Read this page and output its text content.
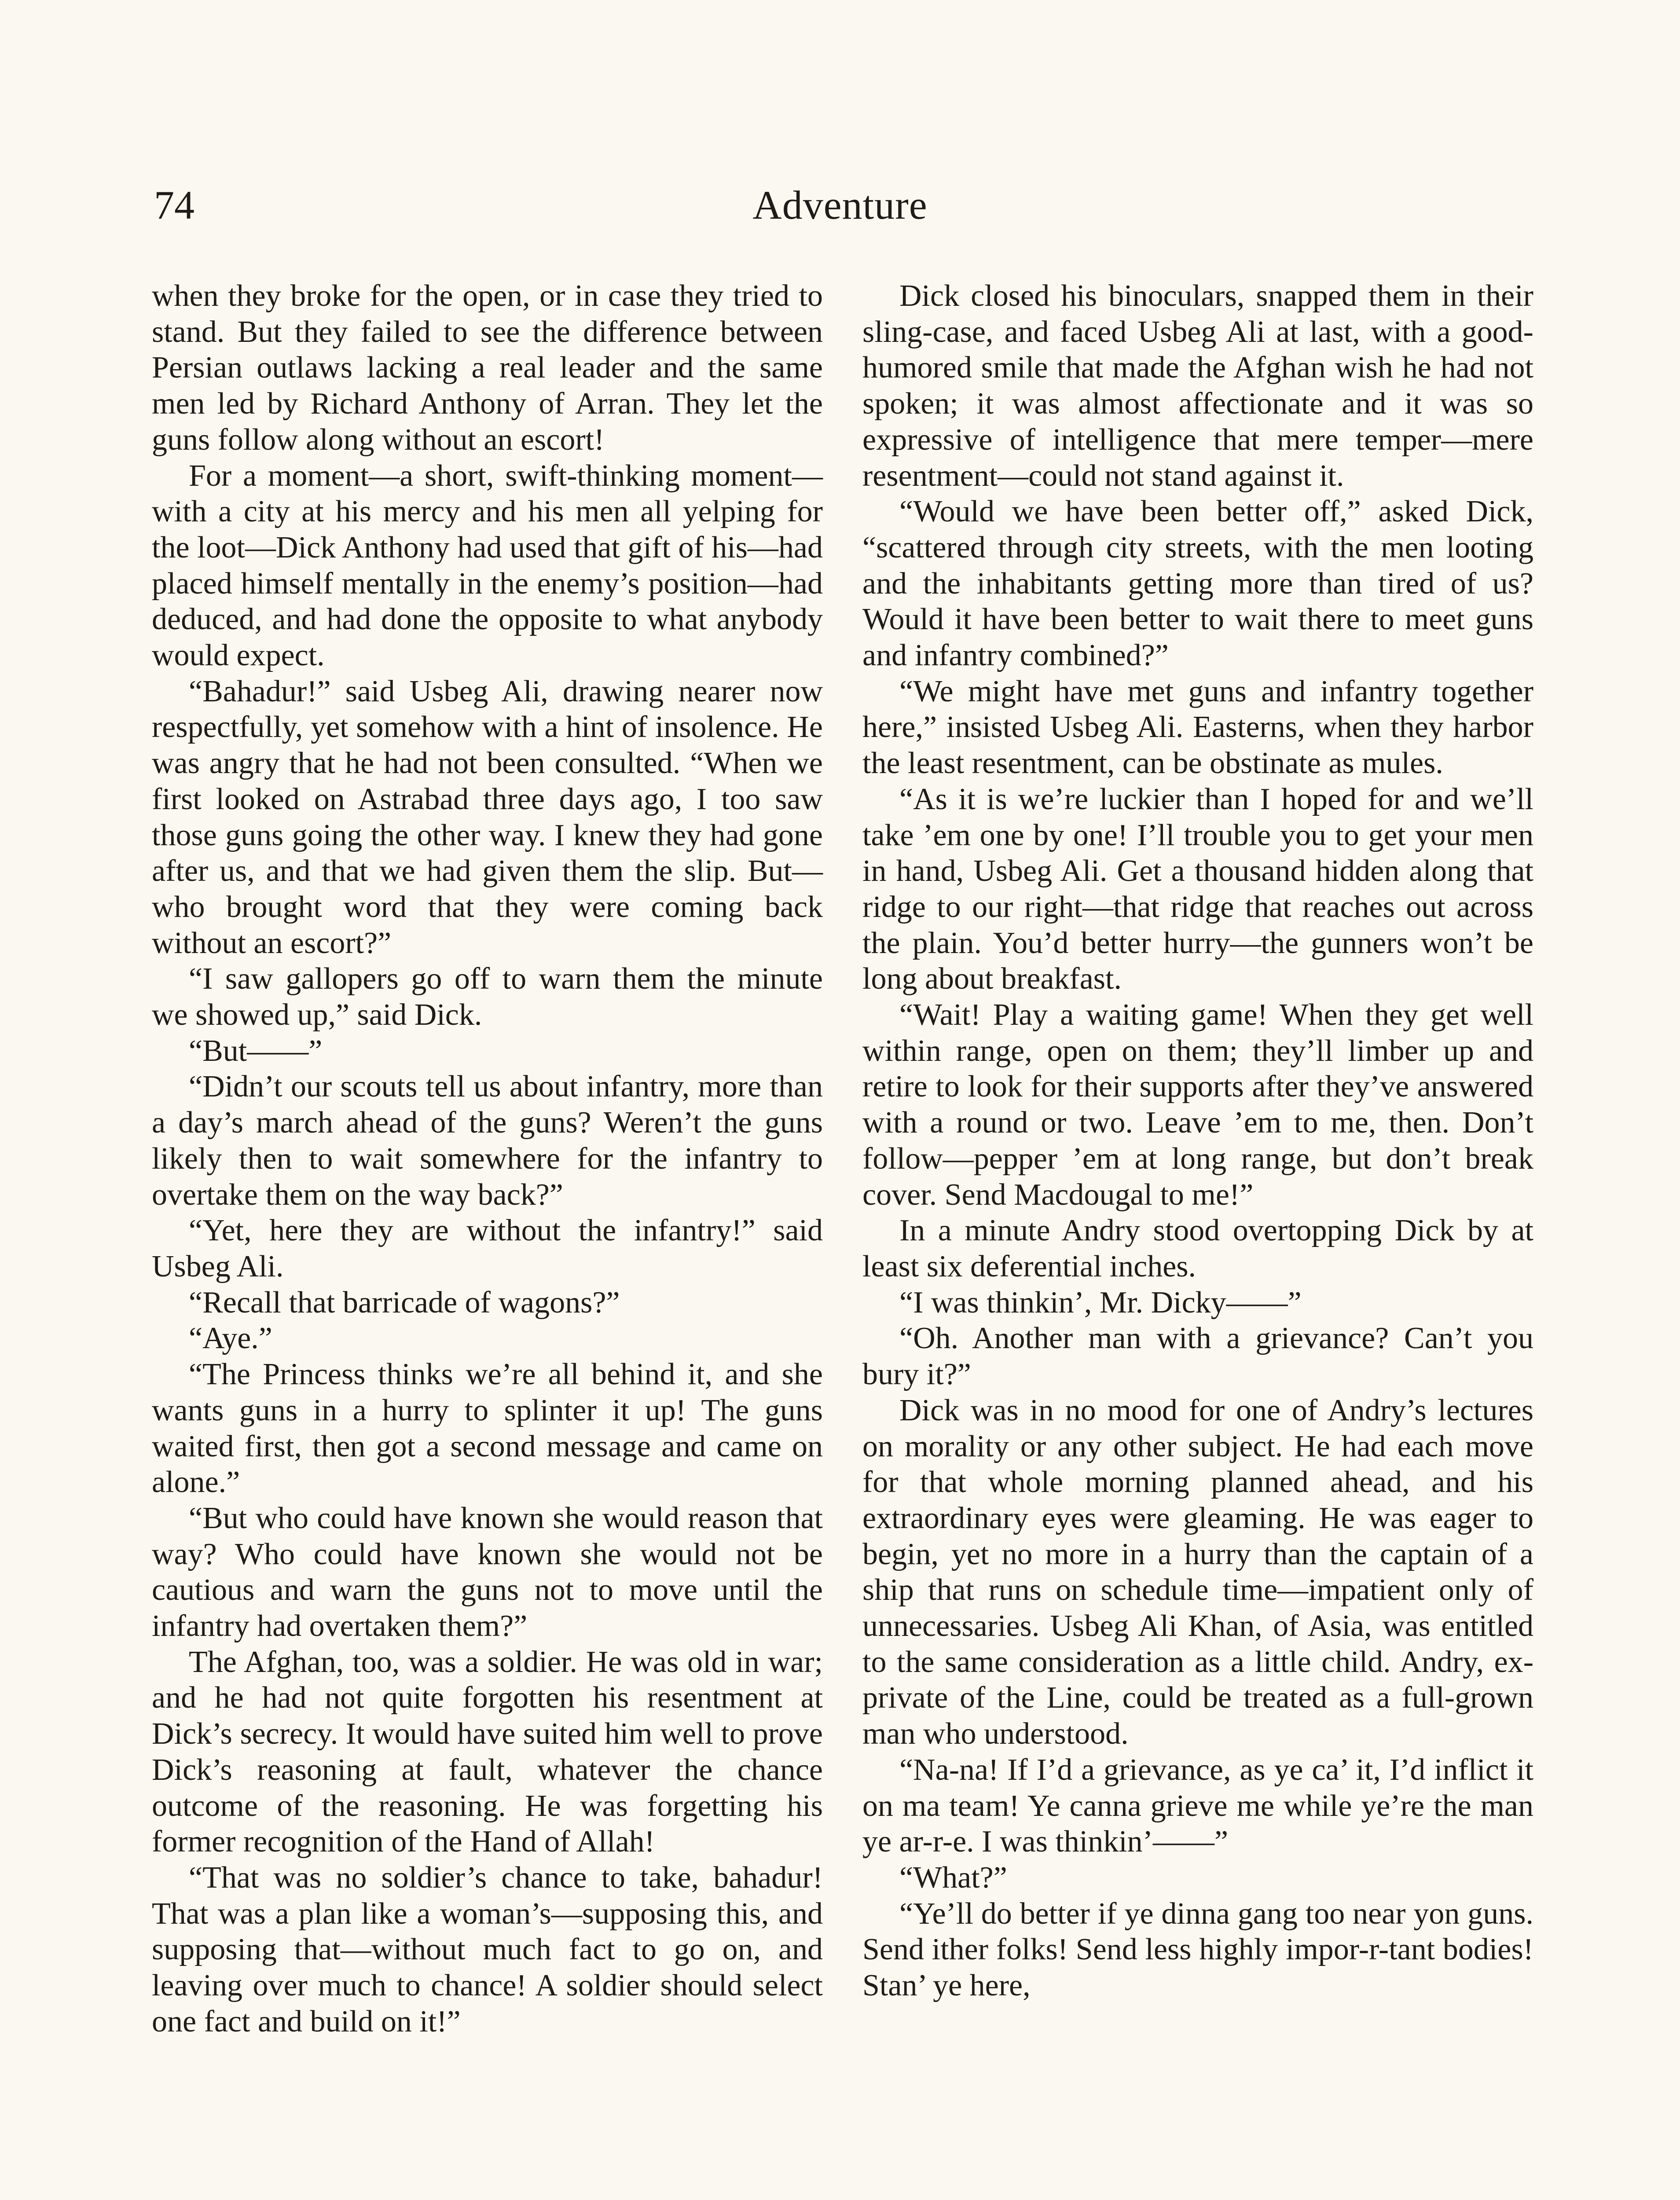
74	Adventure

when they broke for the open, or in case they tried to stand. But they failed to see the difference between Persian outlaws lacking a real leader and the same men led by Richard Anthony of Arran. They let the guns follow along without an escort!

For a moment—a short, swift-thinking moment—with a city at his mercy and his men all yelping for the loot—Dick Anthony had used that gift of his—had placed himself mentally in the enemy’s position—had deduced, and had done the opposite to what anybody would expect.

“Bahadur!” said Usbeg Ali, drawing nearer now respectfully, yet somehow with a hint of insolence. He was angry that he had not been consulted. “When we first looked on Astrabad three days ago, I too saw those guns going the other way. I knew they had gone after us, and that we had given them the slip. But—who brought word that they were coming back without an escort?”

“I saw gallopers go off to warn them the minute we showed up,” said Dick.

“But——”

“Didn’t our scouts tell us about infantry, more than a day’s march ahead of the guns? Weren’t the guns likely then to wait somewhere for the infantry to overtake them on the way back?”

“Yet, here they are without the infantry!” said Usbeg Ali.

“Recall that barricade of wagons?”

“Aye.”

“The Princess thinks we’re all behind it, and she wants guns in a hurry to splinter it up! The guns waited first, then got a second message and came on alone.”

“But who could have known she would reason that way? Who could have known she would not be cautious and warn the guns not to move until the infantry had overtaken them?”

The Afghan, too, was a soldier. He was old in war; and he had not quite forgotten his resentment at Dick’s secrecy. It would have suited him well to prove Dick’s reasoning at fault, whatever the chance outcome of the reasoning. He was forgetting his former recognition of the Hand of Allah!

“That was no soldier’s chance to take, bahadur! That was a plan like a woman’s—supposing this, and supposing that—without much fact to go on, and leaving over much to chance! A soldier should select one fact and build on it!”

Dick closed his binoculars, snapped them in their sling-case, and faced Usbeg Ali at last, with a good-humored smile that made the Afghan wish he had not spoken; it was almost affectionate and it was so expressive of intelligence that mere temper—mere resentment—could not stand against it.

“Would we have been better off,” asked Dick, “scattered through city streets, with the men looting and the inhabitants getting more than tired of us? Would it have been better to wait there to meet guns and infantry combined?”

“We might have met guns and infantry together here,” insisted Usbeg Ali. Easterns, when they harbor the least resentment, can be obstinate as mules.

“As it is we’re luckier than I hoped for and we’ll take ’em one by one! I’ll trouble you to get your men in hand, Usbeg Ali. Get a thousand hidden along that ridge to our right—that ridge that reaches out across the plain. You’d better hurry—the gunners won’t be long about breakfast.

“Wait! Play a waiting game! When they get well within range, open on them; they’ll limber up and retire to look for their supports after they’ve answered with a round or two. Leave ’em to me, then. Don’t follow—pepper ’em at long range, but don’t break cover. Send Macdougal to me!”

In a minute Andry stood overtopping Dick by at least six deferential inches.

“I was thinkin’, Mr. Dicky——”

“Oh. Another man with a grievance? Can’t you bury it?”

Dick was in no mood for one of Andry’s lectures on morality or any other subject. He had each move for that whole morning planned ahead, and his extraordinary eyes were gleaming. He was eager to begin, yet no more in a hurry than the captain of a ship that runs on schedule time—impatient only of unnecessaries. Usbeg Ali Khan, of Asia, was entitled to the same consideration as a little child. Andry, ex-private of the Line, could be treated as a full-grown man who understood.

“Na-na! If I’d a grievance, as ye ca’ it, I’d inflict it on ma team! Ye canna grieve me while ye’re the man ye ar-r-e. I was thinkin’——”

“What?”

“Ye’ll do better if ye dinna gang too near yon guns. Send ither folks! Send less highly impor-r-tant bodies! Stan’ ye here,
